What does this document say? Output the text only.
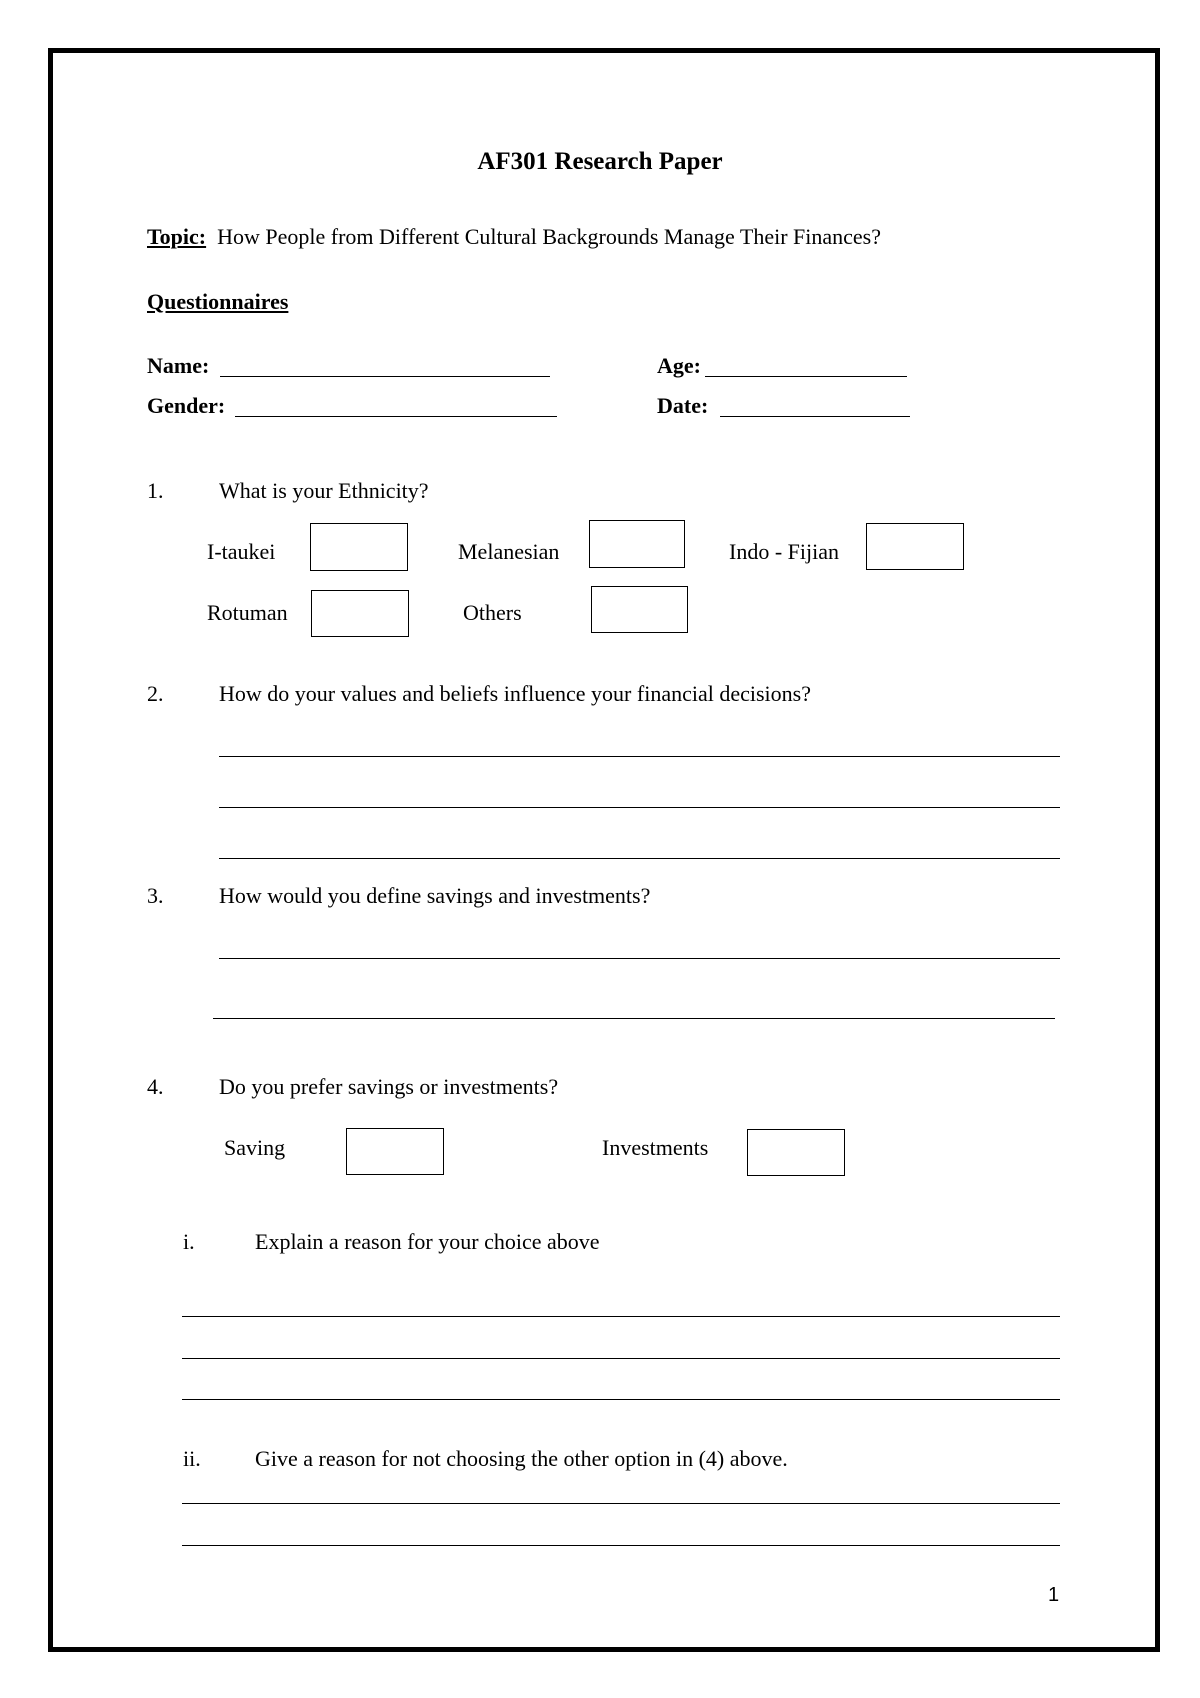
AF301 Research Paper
Topic: How People from Different Cultural Backgrounds Manage Their Finances?
Questionnaires
Name:	Age:
Gender:	Date:
1.	What is your Ethnicity?
I-taukei	Melanesian	Indo - Fijian
Rotuman	Others
2.	How do your values and beliefs influence your financial decisions?
3.	How would you define savings and investments?
4.	Do you prefer savings or investments?
Saving	Investments
i.	Explain a reason for your choice above
ii. Give a reason for not choosing the other option in (4) above.
1
